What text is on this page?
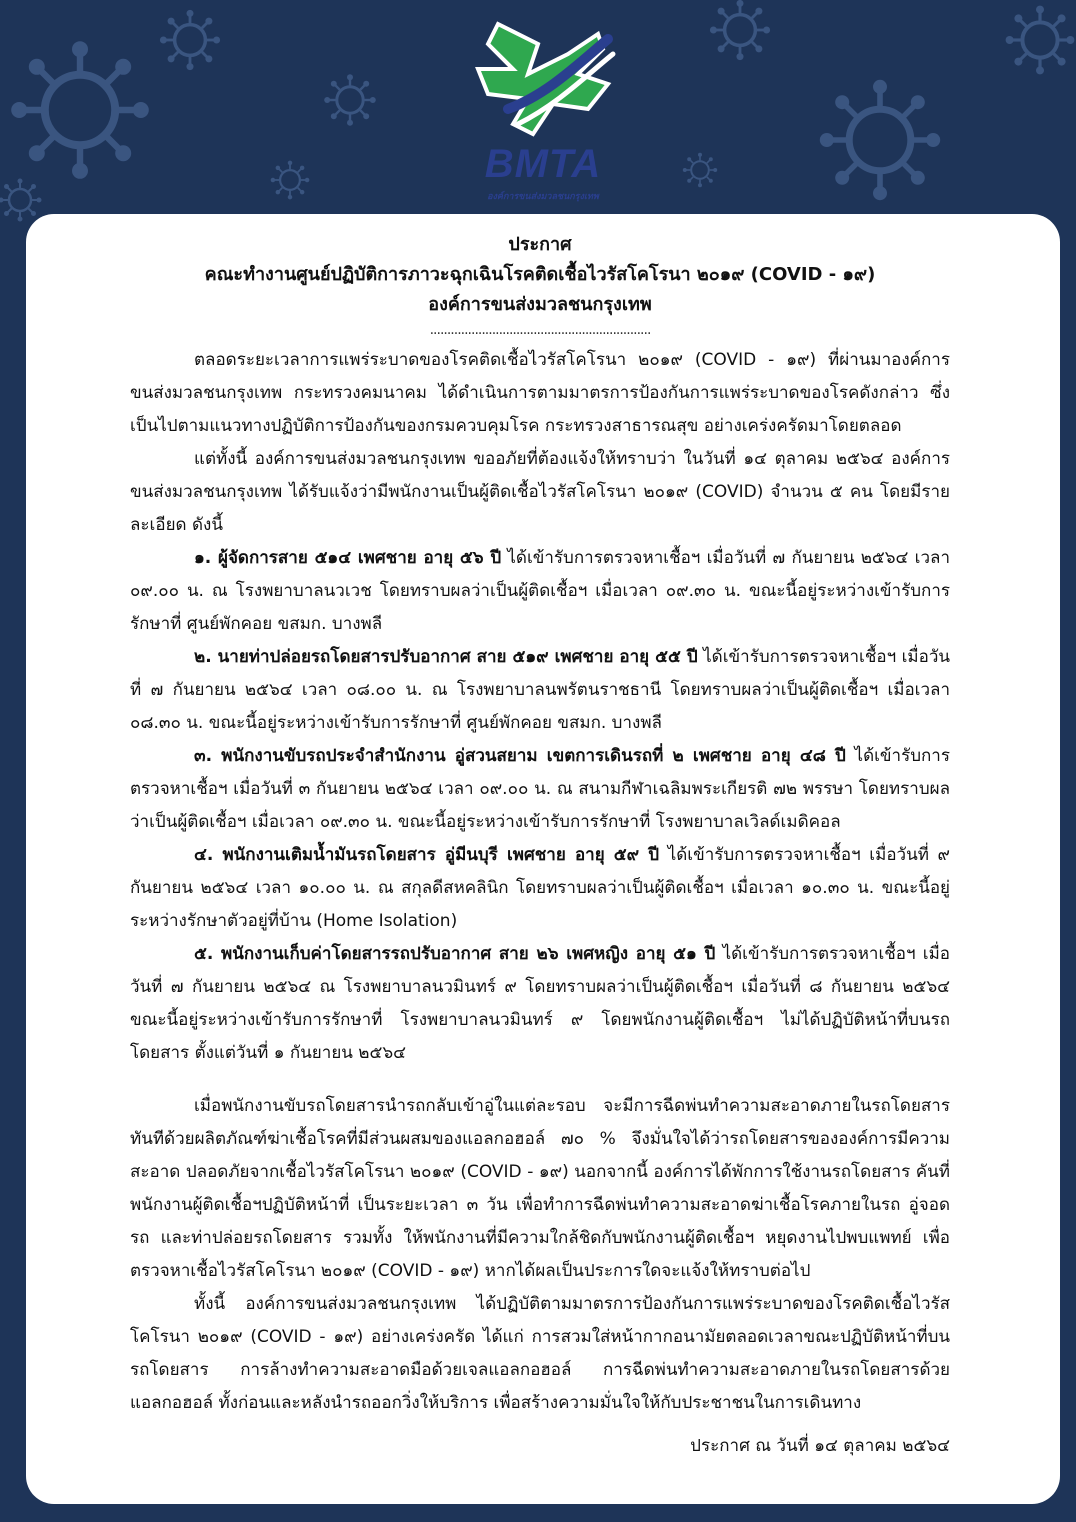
BMTA
องค์การขนส่งมวลชนกรุงเทพ
ประกาศ
คณะทำงานศูนย์ปฏิบัติการภาวะฉุกเฉินโรคติดเชื้อไวรัสโคโรนา ๒๐๑๙ (COVID - ๑๙)
องค์การขนส่งมวลชนกรุงเทพ
................................................................

ตลอดระยะเวลาการแพร่ระบาดของโรคติดเชื้อไวรัสโคโรนา ๒๐๑๙ (COVID - ๑๙) ที่ผ่านมาองค์การขนส่งมวลชนกรุงเทพ กระทรวงคมนาคม ได้ดำเนินการตามมาตรการป้องกันการแพร่ระบาดของโรคดังกล่าว ซึ่งเป็นไปตามแนวทางปฏิบัติการป้องกันของกรมควบคุมโรค กระทรวงสาธารณสุข อย่างเคร่งครัดมาโดยตลอด

แต่ทั้งนี้ องค์การขนส่งมวลชนกรุงเทพ ขออภัยที่ต้องแจ้งให้ทราบว่า ในวันที่ ๑๔ ตุลาคม ๒๕๖๔ องค์การขนส่งมวลชนกรุงเทพ ได้รับแจ้งว่ามีพนักงานเป็นผู้ติดเชื้อไวรัสโคโรนา ๒๐๑๙ (COVID) จำนวน ๕ คน โดยมีรายละเอียด ดังนี้

๑. ผู้จัดการสาย ๕๑๔ เพศชาย อายุ ๕๖ ปี ได้เข้ารับการตรวจหาเชื้อฯ เมื่อวันที่ ๗ กันยายน ๒๕๖๔ เวลา ๐๙.๐๐ น. ณ โรงพยาบาลนวเวช โดยทราบผลว่าเป็นผู้ติดเชื้อฯ เมื่อเวลา ๐๙.๓๐ น. ขณะนี้อยู่ระหว่างเข้ารับการรักษาที่ ศูนย์พักคอย ขสมก. บางพลี

๒. นายท่าปล่อยรถโดยสารปรับอากาศ สาย ๕๑๙ เพศชาย อายุ ๕๕ ปี ได้เข้ารับการตรวจหาเชื้อฯ เมื่อวันที่ ๗ กันยายน ๒๕๖๔ เวลา ๐๘.๐๐ น. ณ โรงพยาบาลนพรัตนราชธานี โดยทราบผลว่าเป็นผู้ติดเชื้อฯ เมื่อเวลา ๐๘.๓๐ น. ขณะนี้อยู่ระหว่างเข้ารับการรักษาที่ ศูนย์พักคอย ขสมก. บางพลี

๓. พนักงานขับรถประจำสำนักงาน อู่สวนสยาม เขตการเดินรถที่ ๒ เพศชาย อายุ ๔๘ ปี ได้เข้ารับการตรวจหาเชื้อฯ เมื่อวันที่ ๓ กันยายน ๒๕๖๔ เวลา ๐๙.๐๐ น. ณ สนามกีฬาเฉลิมพระเกียรติ ๗๒ พรรษา โดยทราบผลว่าเป็นผู้ติดเชื้อฯ เมื่อเวลา ๐๙.๓๐ น. ขณะนี้อยู่ระหว่างเข้ารับการรักษาที่ โรงพยาบาลเวิลด์เมดิคอล

๔. พนักงานเติมน้ำมันรถโดยสาร อู่มีนบุรี เพศชาย อายุ ๕๙ ปี ได้เข้ารับการตรวจหาเชื้อฯ เมื่อวันที่ ๙ กันยายน ๒๕๖๔ เวลา ๑๐.๐๐ น. ณ สกุลดีสหคลินิก โดยทราบผลว่าเป็นผู้ติดเชื้อฯ เมื่อเวลา ๑๐.๓๐ น. ขณะนี้อยู่ระหว่างรักษาตัวอยู่ที่บ้าน (Home Isolation)

๕. พนักงานเก็บค่าโดยสารรถปรับอากาศ สาย ๒๖ เพศหญิง อายุ ๕๑ ปี ได้เข้ารับการตรวจหาเชื้อฯ เมื่อวันที่ ๗ กันยายน ๒๕๖๔ ณ โรงพยาบาลนวมินทร์ ๙ โดยทราบผลว่าเป็นผู้ติดเชื้อฯ เมื่อวันที่ ๘ กันยายน ๒๕๖๔ ขณะนี้อยู่ระหว่างเข้ารับการรักษาที่ โรงพยาบาลนวมินทร์ ๙ โดยพนักงานผู้ติดเชื้อฯ ไม่ได้ปฏิบัติหน้าที่บนรถโดยสาร ตั้งแต่วันที่ ๑ กันยายน ๒๕๖๔

เมื่อพนักงานขับรถโดยสารนำรถกลับเข้าอู่ในแต่ละรอบ จะมีการฉีดพ่นทำความสะอาดภายในรถโดยสารทันทีด้วยผลิตภัณฑ์ฆ่าเชื้อโรคที่มีส่วนผสมของแอลกอฮอล์ ๗๐ % จึงมั่นใจได้ว่ารถโดยสารขององค์การมีความสะอาด ปลอดภัยจากเชื้อไวรัสโคโรนา ๒๐๑๙ (COVID - ๑๙) นอกจากนี้ องค์การได้พักการใช้งานรถโดยสาร คันที่พนักงานผู้ติดเชื้อฯปฏิบัติหน้าที่ เป็นระยะเวลา ๓ วัน เพื่อทำการฉีดพ่นทำความสะอาดฆ่าเชื้อโรคภายในรถ อู่จอดรถ และท่าปล่อยรถโดยสาร รวมทั้ง ให้พนักงานที่มีความใกล้ชิดกับพนักงานผู้ติดเชื้อฯ หยุดงานไปพบแพทย์ เพื่อตรวจหาเชื้อไวรัสโคโรนา ๒๐๑๙ (COVID - ๑๙) หากได้ผลเป็นประการใดจะแจ้งให้ทราบต่อไป

ทั้งนี้ องค์การขนส่งมวลชนกรุงเทพ ได้ปฏิบัติตามมาตรการป้องกันการแพร่ระบาดของโรคติดเชื้อไวรัสโคโรนา ๒๐๑๙ (COVID - ๑๙) อย่างเคร่งครัด ได้แก่ การสวมใส่หน้ากากอนามัยตลอดเวลาขณะปฏิบัติหน้าที่บนรถโดยสาร การล้างทำความสะอาดมือด้วยเจลแอลกอฮอล์ การฉีดพ่นทำความสะอาดภายในรถโดยสารด้วยแอลกอฮอล์ ทั้งก่อนและหลังนำรถออกวิ่งให้บริการ เพื่อสร้างความมั่นใจให้กับประชาชนในการเดินทาง

ประกาศ ณ วันที่ ๑๔ ตุลาคม ๒๕๖๔
